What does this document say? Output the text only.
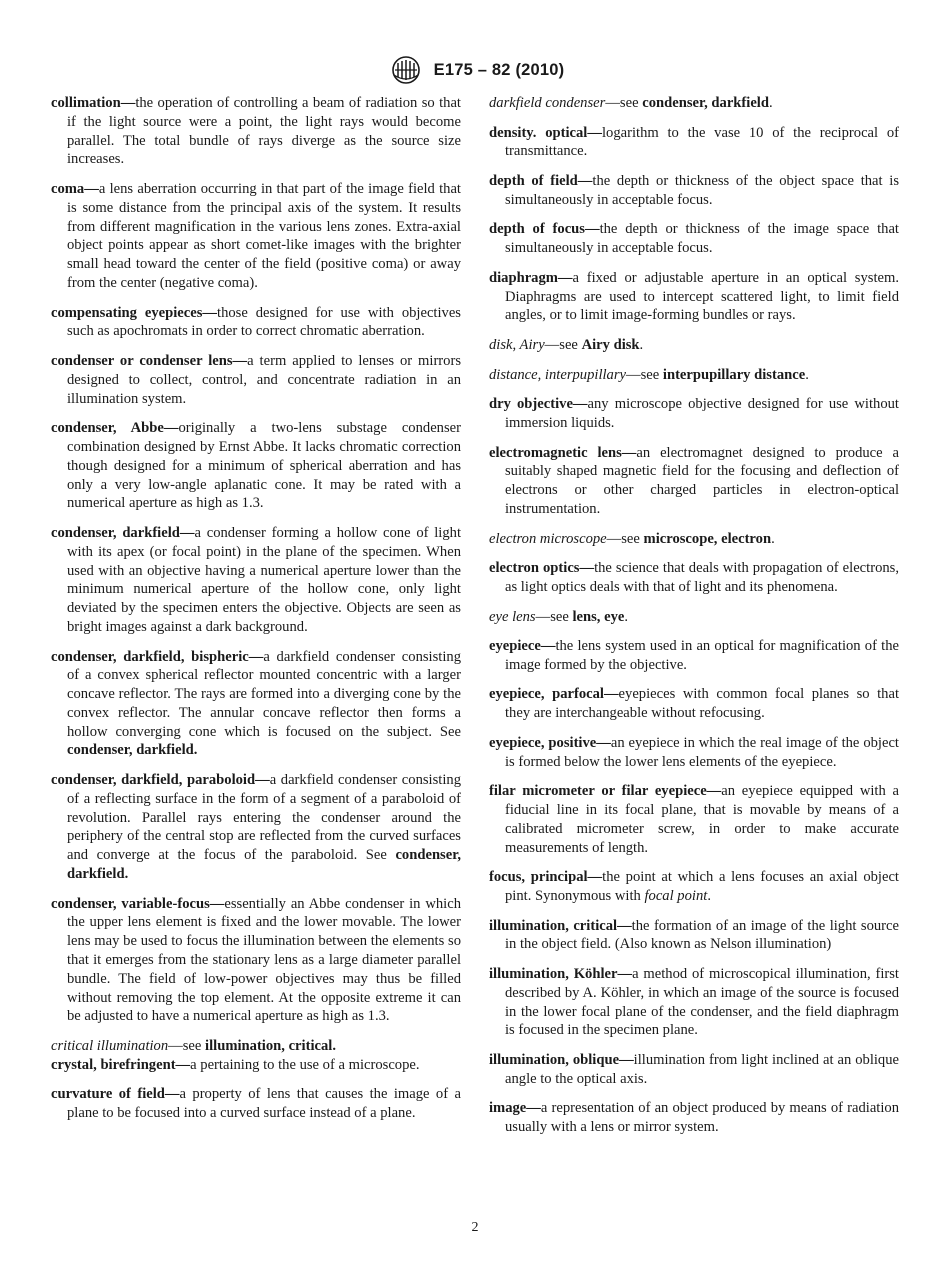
E175 – 82 (2010)

collimation—the operation of controlling a beam of radiation so that if the light source were a point, the light rays would become parallel. The total bundle of rays diverge as the source size increases.

coma—a lens aberration occurring in that part of the image field that is some distance from the principal axis of the system. It results from different magnification in the various lens zones. Extra-axial object points appear as short comet-like images with the brighter small head toward the center of the field (positive coma) or away from the center (negative coma).

compensating eyepieces—those designed for use with objectives such as apochromats in order to correct chromatic aberration.

condenser or condenser lens—a term applied to lenses or mirrors designed to collect, control, and concentrate radiation in an illumination system.

condenser, Abbe—originally a two-lens substage condenser combination designed by Ernst Abbe. It lacks chromatic correction though designed for a minimum of spherical aberration and has only a very low-angle aplanatic cone. It may be rated with a numerical aperture as high as 1.3.

condenser, darkfield—a condenser forming a hollow cone of light with its apex (or focal point) in the plane of the specimen. When used with an objective having a numerical aperture lower than the minimum numerical aperture of the hollow cone, only light deviated by the specimen enters the objective. Objects are seen as bright images against a dark background.

condenser, darkfield, bispheric—a darkfield condenser consisting of a convex spherical reflector mounted concentric with a larger concave reflector. The rays are formed into a diverging cone by the convex reflector. The annular concave reflector then forms a hollow converging cone which is focused on the subject. See condenser, darkfield.

condenser, darkfield, paraboloid—a darkfield condenser consisting of a reflecting surface in the form of a segment of a paraboloid of revolution. Parallel rays entering the condenser around the periphery of the central stop are reflected from the curved surfaces and converge at the focus of the paraboloid. See condenser, darkfield.

condenser, variable-focus—essentially an Abbe condenser in which the upper lens element is fixed and the lower movable. The lower lens may be used to focus the illumination between the elements so that it emerges from the stationary lens as a large diameter parallel bundle. The field of low-power objectives may thus be filled without removing the top element. At the opposite extreme it can be adjusted to have a numerical aperture as high as 1.3.

critical illumination—see illumination, critical.

crystal, birefringent—a pertaining to the use of a microscope.

curvature of field—a property of lens that causes the image of a plane to be focused into a curved surface instead of a plane.

darkfield condenser—see condenser, darkfield.

density. optical—logarithm to the vase 10 of the reciprocal of transmittance.

depth of field—the depth or thickness of the object space that is simultaneously in acceptable focus.

depth of focus—the depth or thickness of the image space that simultaneously in acceptable focus.

diaphragm—a fixed or adjustable aperture in an optical system. Diaphragms are used to intercept scattered light, to limit field angles, or to limit image-forming bundles or rays.

disk, Airy—see Airy disk.

distance, interpupillary—see interpupillary distance.

dry objective—any microscope objective designed for use without immersion liquids.

electromagnetic lens—an electromagnet designed to produce a suitably shaped magnetic field for the focusing and deflection of electrons or other charged particles in electron-optical instrumentation.

electron microscope—see microscope, electron.

electron optics—the science that deals with propagation of electrons, as light optics deals with that of light and its phenomena.

eye lens—see lens, eye.

eyepiece—the lens system used in an optical for magnification of the image formed by the objective.

eyepiece, parfocal—eyepieces with common focal planes so that they are interchangeable without refocusing.

eyepiece, positive—an eyepiece in which the real image of the object is formed below the lower lens elements of the eyepiece.

filar micrometer or filar eyepiece—an eyepiece equipped with a fiducial line in its focal plane, that is movable by means of a calibrated micrometer screw, in order to make accurate measurements of length.

focus, principal—the point at which a lens focuses an axial object pint. Synonymous with focal point.

illumination, critical—the formation of an image of the light source in the object field. (Also known as Nelson illumination)

illumination, Köhler—a method of microscopical illumination, first described by A. Köhler, in which an image of the source is focused in the lower focal plane of the condenser, and the field diaphragm is focused in the specimen plane.

illumination, oblique—illumination from light inclined at an oblique angle to the optical axis.

image—a representation of an object produced by means of radiation usually with a lens or mirror system.

2
